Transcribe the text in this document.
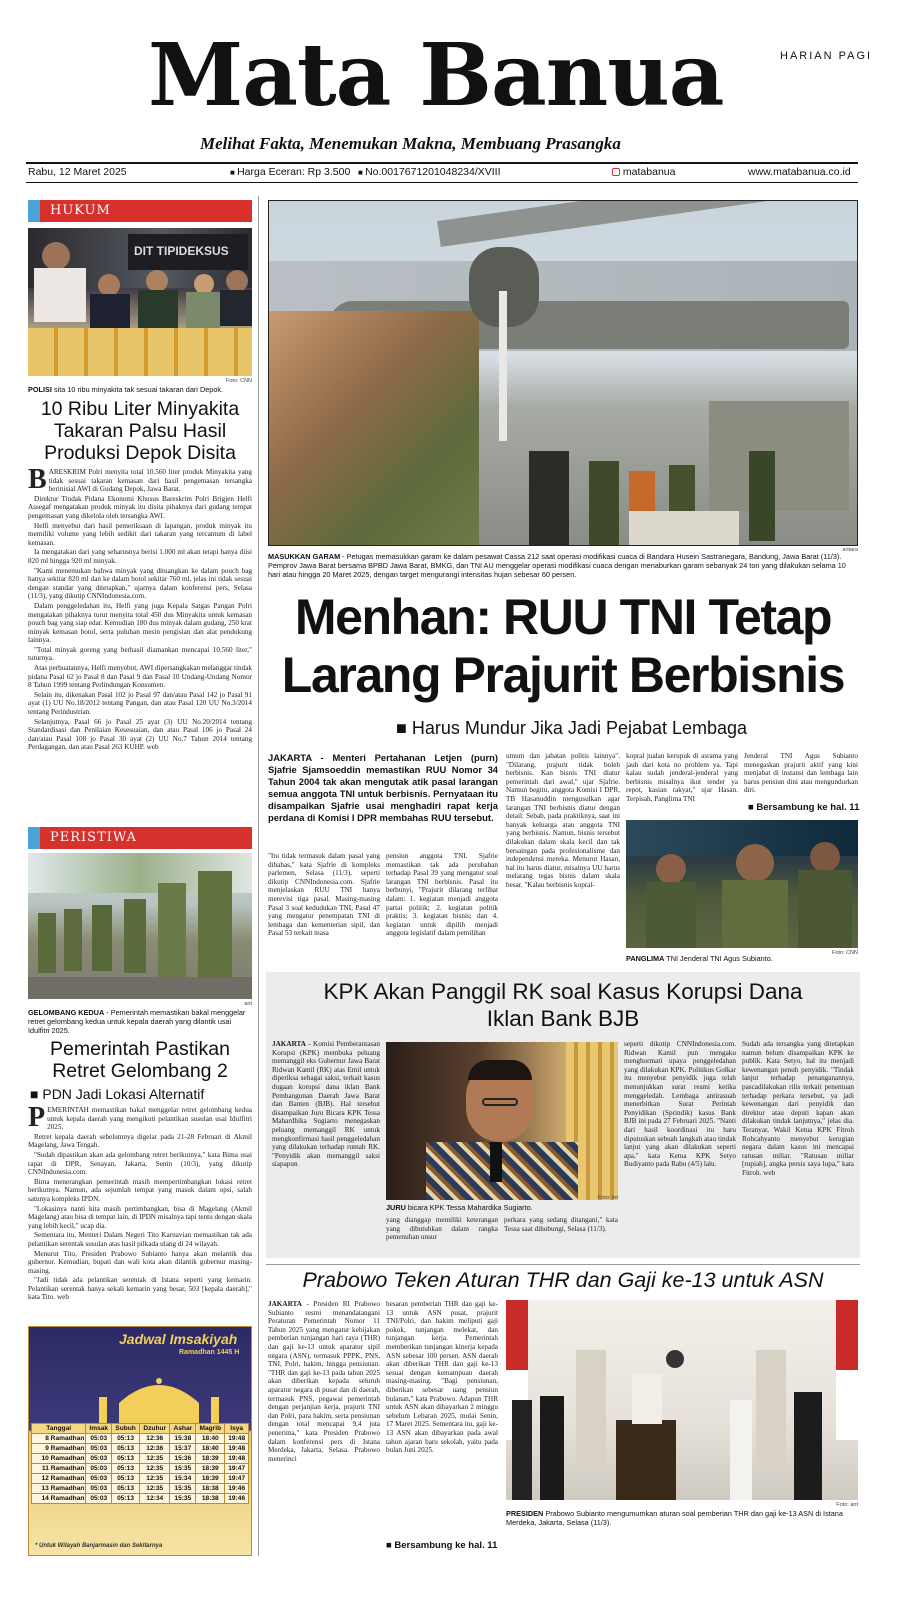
Mata Banua	HARIAN PAGI
Melihat Fakta, Menemukan Makna, Membuang Prasangka
Rabu, 12 Maret 2025	■ Harga Eceran: Rp 3.500 ■ No.0017671201048234/XVIII	matabanua	www.matabanua.co.id
HUKUM
DIT TIPIDEKSUS
Foto: CNN
POLISI sita 10 ribu minyakita tak sesuai takaran dari Depok.
10 Ribu Liter Minyakita Takaran Palsu Hasil Produksi Depok Disita

BARESKRIM Polri menyita total 10.560 liter produk Minyakita yang tidak sesuai takaran kemasan dari hasil pengemasan tersangka berinisial AWI di Gudang Depok, Jawa Barat.

Direktur Tindak Pidana Ekonomi Khusus Bareskrim Polri Brigjen Helfi Assegaf mengatakan produk minyak itu disita pihaknya dari gudang tempat pengemasan yang dikelola oleh tersangka AWI.

Helfi menyebut dari hasil pemeriksaan di lapangan, produk minyak itu memiliki volume yang lebih sedikit dari takaran yang tercantum di label kemasan.

Ia mengatakan dari yang seharusnya berisi 1.000 ml akan tetapi hanya diisi 820 ml hingga 920 ml minyak.

"Kami menemukan bahwa minyak yang dituangkan ke dalam pouch bag hanya sekitar 820 ml dan ke dalam botol sekitar 760 ml, jelas ini tidak sesuai dengan standar yang ditetapkan," ujarnya dalam konferensi pers, Selasa (11/3), yang dikutip CNNIndonesia.com.

Dalam penggeledahan itu, Helfi yang juga Kepala Satgas Pangan Polri mengatakan pihaknya turut menyita total 450 dus Minyakita untuk kemasan pouch bag yang siap edar. Kemudian 180 dus minyak dalam gudang, 250 krat minyak kemasan botol, serta puluhan mesin pengisian dan alat pendukung lainnya.

"Total minyak goreng yang berhasil diamankan mencapai 10.560 liter," tuturnya.

Atas perbuatannya, Helfi menyebut, AWI dipersangkakan melanggar tindak pidana Pasal 62 jo Pasal 8 dan Pasal 9 dan Pasal 10 Undang-Undang Nomor 8 Tahun 1999 tentang Perlindungan Konsumen.

Selain itu, dikenakan Pasal 102 jo Pasal 97 dan/atau Pasal 142 jo Pasal 91 ayat (1) UU No.18/2012 tentang Pangan, dan atau Pasal 120 UU No.3/2014 tentang Perindustrian.

Selanjutnya, Pasal 66 jo Pasal 25 ayat (3) UU No.20/2014 tentang Standardisasi dan Penilaian Kesesuaian, dan atau Pasal 106 jo Pasal 24 dan/atau Pasal 108 jo Pasal 30 ayat (2) UU No.7 Tahun 2014 tentang Perdagangan, dan atau Pasal 263 KUHP. web

PERISTIWA
ant
GELOMBANG KEDUA - Pemerintah memastikan bakal menggelar retret gelombang kedua untuk kepala daerah yang dilantik usai Idulfitri 2025.
Pemerintah Pastikan Retret Gelombang 2
■ PDN Jadi Lokasi Alternatif

PEMERINTAH memastikan bakal menggelar retret gelombang kedua untuk kepala daerah yang mengikuti pelantikan susulan usai Idulfitri 2025.

Retret kepala daerah sebelumnya digelar pada 21-28 Februari di Akmil Magelang, Jawa Tengah.

"Sudah dipastikan akan ada gelombang retret berikutnya," kata Bima usai rapat di DPR, Senayan, Jakarta, Senin (10/3), yang dikutip CNNIndonesia.com.

Bima menerangkan pemerintah masih mempertimbangkan lokasi retret berikutnya. Namun, ada sejumlah tempat yang masuk dalam opsi, salah satunya kompleks IPDN.

"Lokasinya nanti kita masih pertimbangkan, bisa di Magelang (Akmil Magelang) atau bisa di tempat lain, di IPDN misalnya tapi tentu dengan skala yang lebih kecil," ucap dia.

Sementara itu, Menteri Dalam Negeri Tito Karnavian memastikan tak ada pelantikan serentak susulan atas hasil pilkada ulang di 24 wilayah.

Menurut Tito, Presiden Prabowo Subianto hanya akan melantik dua gubernur. Kemudian, bupati dan wali kota akan dilantik gubernur masing-masing.

"Jadi tidak ada pelantikan serentak di Istana seperti yang kemarin. Pelantikan serentak hanya sekali kemarin yang besar, 503 [kepala daerah]," kata Tito. web

Jadwal Imsakiyah
Ramadhan 1445 H
Tanggal	Imsak	Subuh	Dzuhur	Ashar	Magrib	Isya
8 Ramadhan	05:03	05:13	12:36	15:38	18:40	19:48
9 Ramadhan	05:03	05:13	12:36	15:37	18:40	19:48
10 Ramadhan	05:03	05:13	12:35	15:36	18:39	19:48
11 Ramadhan	05:03	05:13	12:35	15:35	18:39	19:47
12 Ramadhan	05:03	05:13	12:35	15:34	18:39	19:47
13 Ramadhan	05:03	05:13	12:35	15:35	18:38	19:46
14 Ramadhan	05:03	05:13	12:34	15:35	18:38	19:46
* Untuk Wilayah Banjarmasin dan Sekitarnya
antara
MASUKKAN GARAM - Petugas memasukkan garam ke dalam pesawat Cassa 212 saat operasi modifikasi cuaca di Bandara Husein Sastranegara, Bandung, Jawa Barat (11/3). Pemprov Jawa Barat bersama BPBD Jawa Barat, BMKG, dan TNI AU menggelar operasi modifikasi cuaca dengan menaburkan garam sebanyak 24 ton yang dilakukan selama 10 hari atau hingga 20 Maret 2025, dengan target mengurangi intensitas hujan sebesar 60 persen.
Menhan: RUU TNI Tetap Larang Prajurit Berbisnis
■ Harus Mundur Jika Jadi Pejabat Lembaga
JAKARTA - Menteri Pertahanan Letjen (purn) Sjafrie Sjamsoeddin memastikan RUU Nomor 34 Tahun 2004 tak akan mengutak atik pasal larangan semua anggota TNI untuk berbisnis. Pernyataan itu disampaikan Sjafrie usai menghadiri rapat kerja perdana di Komisi I DPR membahas RUU tersebut.
"Itu tidak termasuk dalam pasal yang dibahas," kata Sjafrie di kompleks parlemen, Selasa (11/3), seperti dikutip CNNIndonesia.com. Sjafrie menjelaskan RUU TNI hanya merevisi tiga pasal. Masing-masing Pasal 3 soal kedudukan TNI, Pasal 47 yang mengatur penempatan TNI di lembaga dan kementerian sipil, dan Pasal 53 terkait masa
pensiun anggota TNI. Sjafrie memastikan tak ada perubahan terhadap Pasal 39 yang mengatur soal larangan TNI berbisnis. Pasal itu berbunyi, "Prajurit dilarang terlibat dalam: 1. kegiatan menjadi anggota partai politik; 2. kegiatan politik praktis; 3. kegiatan bisnis; dan 4. kegiatan untuk dipilih menjadi anggota legislatif dalam pemilihan
umum dan jabatan politis lainnya". "Dilarang, prajurit tidak boleh berbisnis. Kan bisnis TNI diatur pemerintah dari awal," ujar Sjafrie. Namun begitu, anggota Komisi I DPR, TB Hasanuddin mengusulkan agar larangan TNI berbisnis diatur dengan detail. Sebab, pada praktiknya, saat ini banyak keluarga atau anggota TNI yang berbisnis. Namun, bisnis tersebut dilakukan dalam skala kecil dan tak bersaingan pada profesionalisme dan independensi mereka. Menurut Hasan, hal itu harus diatur, misalnya UU harus melarang tegas bisnis dalam skala besar. "Kalau berbisnis kopral-
kopral jualan kerupuk di asrama yang jauh dari kota no problem ya. Tapi kalau sudah jenderal-jenderal yang berbisnis misalnya ikut tender ya repot, kasian rakyat," ujar Hasan. Terpisah, Panglima TNI
Jenderal TNI Agus Subianto menegaskan prajurit aktif yang kini menjabat di instansi dan lembaga lain harus pensiun dini atau mengundurkan diri.
■ Bersambung ke hal. 11
Foto: CNN
PANGLIMA TNI Jenderal TNI Agus Subianto.
KPK Akan Panggil RK soal Kasus Korupsi Dana Iklan Bank BJB
JAKARTA - Komisi Pemberantasan Korupsi (KPK) membuka peluang memanggil eks Gubernur Jawa Barat Ridwan Kamil (RK) atas Emil untuk diperiksa sebagai saksi, terkait kasus dugaan korupsi dana iklan Bank Pembangunan Daerah Jawa Barat dan Banten (BJB). Hal tersebut disampaikan Juru Bicara KPK Tessa Mahardhika Sugiarto menegaskan peluang memanggil RK untuk mengkonfirmasi hasil penggeledahan yang dilakukan terhadap rumah RK. "Penyidik akan memanggil saksi siapapun
Foto: Int
JURU bicara KPK Tessa Mahardika Sugiarto.
yang dianggap memiliki keterangan yang dibutuhkan dalam rangka pemenuhan unsur
perkara yang sedang ditangani," kata Tessa saat dihubungi, Selasa (11/3).
seperti dikutip CNNIndonesia.com. Ridwan Kamil pun mengaku menghormati upaya penggeledahan yang dilakukan KPK. Politikus Golkar itu menyebut penyidik juga telah menunjukkan surat resmi ketika menggeledah. Lembaga antirasuah menerbitkan Surat Perintah Penyidikan (Sprindik) kasus Bank BJB ini pada 27 Februari 2025. "Nanti dari hasil koordinasi itu baru diputuskan sebuah langkah atau tindak lanjut yang akan dilakukan seperti apa," kata Ketua KPK Setyo Budiyanto pada Rabu (4/5) lalu.
Sudah ada tersangka yang ditetapkan namun belum disampaikan KPK ke publik. Kata Setyo, hal itu menjadi kewenangan penuh penyidik. "Tindak lanjut terhadap penanganannya, pascadilakukan rilis terkait penentuan terhadap perkara tersebut, ya jadi kewenangan dari penyidik dan direktur atau deputi kapan akan dilakukan tindak lanjutnya," jelas dia. Teranyar, Wakil Ketua KPK Fitroh Rohcahyanto menyebut kerugian negara dalam kasus ini mencapai ratusan miliar. "Ratusan miliar [rupiah], angka persis saya lupa," kata Fitroh. web
Prabowo Teken Aturan THR dan Gaji ke-13 untuk ASN
JAKARTA - Presiden RI Prabowo Subianto resmi menandatangani Peraturan Pemerintah Nomor 11 Tahun 2025 yang mengatur kebijakan pemberian tunjangan hari raya (THR) dan gaji ke-13 untuk aparatur sipil negara (ASN), termasuk PPPK, PNS, TNI, Polri, hakim, hingga pensiunan. "THR dan gaji ke-13 pada tahun 2025 akan diberikan kepada seluruh aparatur negara di pusat dan di daerah, termasuk PNS, pegawai pemerintah dengan perjanjian kerja, prajurit TNI dan Polri, para hakim, serta pensiunan dengan total mencapai 9,4 juta penerima," kata Presiden Prabowo dalam konferensi pers di Istana Merdeka, Jakarta, Selasa. Prabowo menerinci
besaran pemberian THR dan gaji ke-13 untuk ASN pusat, prajurit TNI/Polri, dan hakim meliputi gaji pokok, tunjangan melekat, dan tunjangan kerja. Pemerintah memberikan tunjangan kinerja kepada ASN sebesar 100 persen. ASN daerah akan diberikan THR dan gaji ke-13 sesuai dengan kemampuan daerah masing-masing. "Bagi pensiunan, diberikan sebesar uang pensiun bulanan," kata Prabowo. Adapun THR untuk ASN akan dibayarkan 2 minggu sebelum Lebaran 2025, mulai Senin, 17 Maret 2025. Sementara itu, gaji ke-13 ASN akan dibayarkan pada awal tahun ajaran baru sekolah, yaitu pada bulan Juni 2025.
■ Bersambung ke hal. 11
Foto: ant
PRESIDEN Prabowo Subianto mengumumkan aturan soal pemberian THR dan gaji ke-13 ASN di Istana Merdeka, Jakarta, Selasa (11/3).
